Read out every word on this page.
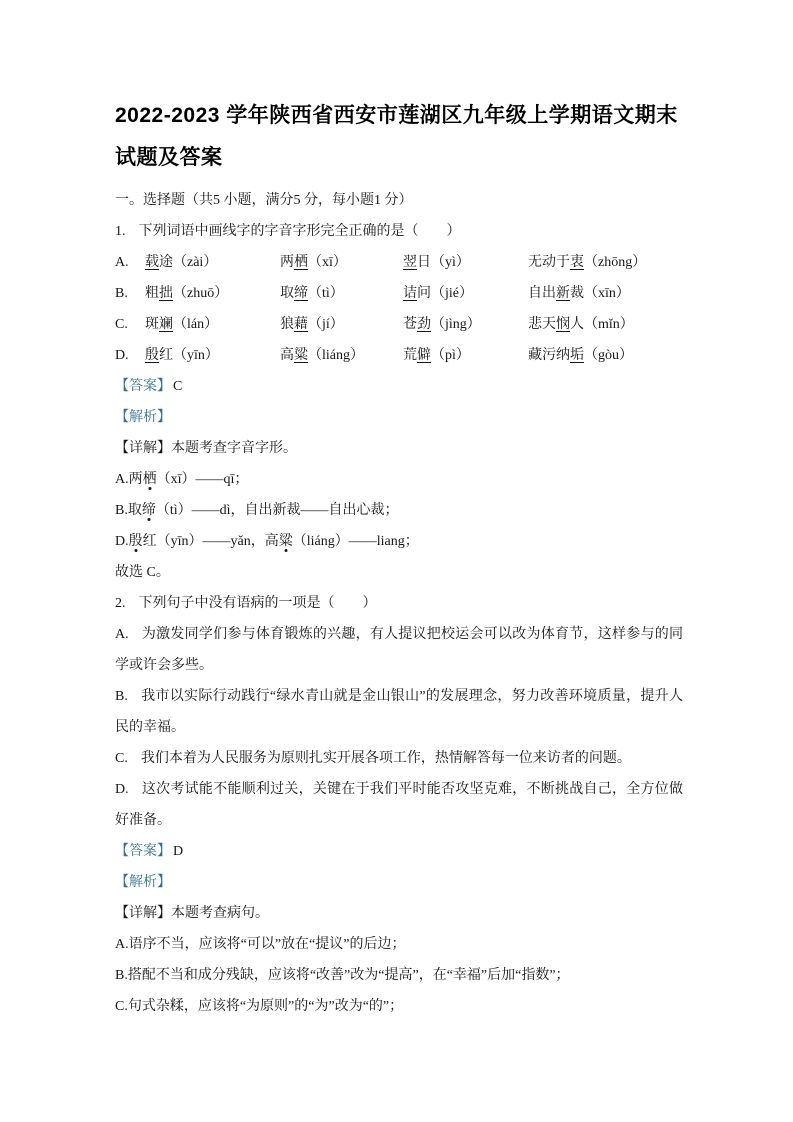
2022-2023 学年陕西省西安市莲湖区九年级上学期语文期末
试题及答案

一。选择题（共5 小题，满分5 分，每小题1 分）

1. 下列词语中画线字的字音字形完全正确的是（　　）

A.	载途（zài）	两栖（xī）	翌日（yì）	无动于衷（zhōng）
B.	粗拙（zhuō）	取缔（tì）	诘问（jié）	自出新裁（xīn）
C.	斑斓（lán）	狼藉（jí）	苍劲（jìng）	悲天悯人（mǐn）
D.	殷红（yīn）	高粱（liáng）	荒僻（pì）	藏污纳垢（gòu）

【答案】 C

【解析】

【详解】本题考查字音字形。

A.两栖（xī）——qī；

B.取缔（tì）——dì，自出新裁——自出心裁；

D.殷红（yīn）——yǎn，高粱（liáng）——liang；

故选 C。

2. 下列句子中没有语病的一项是（　　）

A. 为激发同学们参与体育锻炼的兴趣，有人提议把校运会可以改为体育节，这样参与的同学或许会多些。

B. 我市以实际行动践行“绿水青山就是金山银山”的发展理念，努力改善环境质量，提升人民的幸福。

C. 我们本着为人民服务为原则扎实开展各项工作，热情解答每一位来访者的问题。

D. 这次考试能不能顺利过关，关键在于我们平时能否攻坚克难，不断挑战自己，全方位做好准备。

【答案】 D

【解析】

【详解】本题考查病句。

A.语序不当，应该将“可以”放在“提议”的后边；

B.搭配不当和成分残缺，应该将“改善”改为“提高”，在“幸福”后加“指数”；

C.句式杂糅，应该将“为原则”的“为”改为“的”；
